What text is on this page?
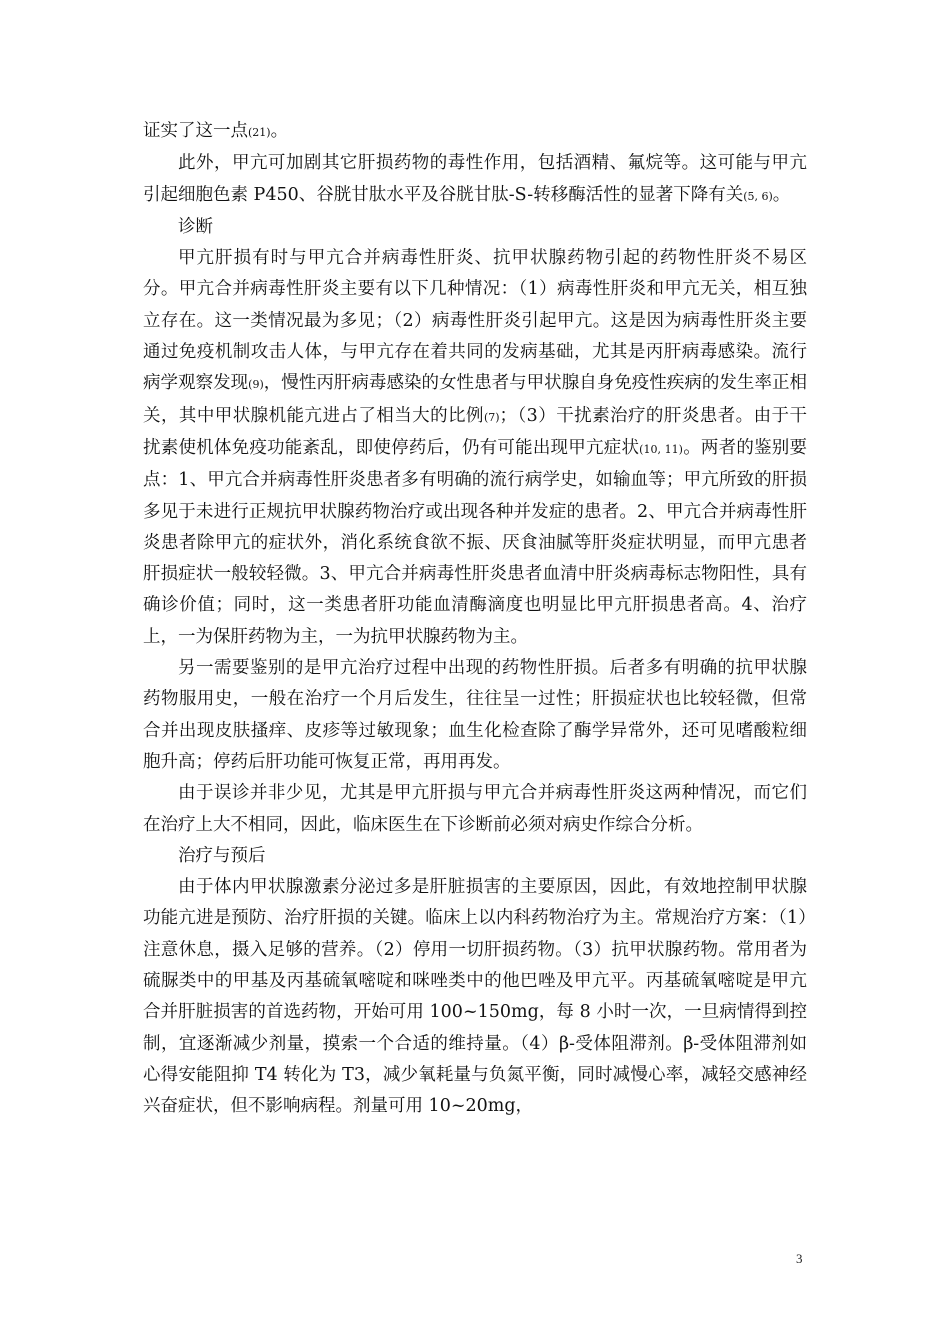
证实了这一点(21)。

此外，甲亢可加剧其它肝损药物的毒性作用，包括酒精、氟烷等。这可能与甲亢引起细胞色素 P450、谷胱甘肽水平及谷胱甘肽-S-转移酶活性的显著下降有关(5, 6)。

诊断

甲亢肝损有时与甲亢合并病毒性肝炎、抗甲状腺药物引起的药物性肝炎不易区分。甲亢合并病毒性肝炎主要有以下几种情况：（1）病毒性肝炎和甲亢无关，相互独立存在。这一类情况最为多见；（2）病毒性肝炎引起甲亢。这是因为病毒性肝炎主要通过免疫机制攻击人体，与甲亢存在着共同的发病基础，尤其是丙肝病毒感染。流行病学观察发现(9)，慢性丙肝病毒感染的女性患者与甲状腺自身免疫性疾病的发生率正相关，其中甲状腺机能亢进占了相当大的比例(7)；（3）干扰素治疗的肝炎患者。由于干扰素使机体免疫功能紊乱，即使停药后，仍有可能出现甲亢症状(10, 11)。两者的鉴别要点：1、甲亢合并病毒性肝炎患者多有明确的流行病学史，如输血等；甲亢所致的肝损多见于未进行正规抗甲状腺药物治疗或出现各种并发症的患者。2、甲亢合并病毒性肝炎患者除甲亢的症状外，消化系统食欲不振、厌食油腻等肝炎症状明显，而甲亢患者肝损症状一般较轻微。3、甲亢合并病毒性肝炎患者血清中肝炎病毒标志物阳性，具有确诊价值；同时，这一类患者肝功能血清酶滴度也明显比甲亢肝损患者高。4、治疗上，一为保肝药物为主，一为抗甲状腺药物为主。

另一需要鉴别的是甲亢治疗过程中出现的药物性肝损。后者多有明确的抗甲状腺药物服用史，一般在治疗一个月后发生，往往呈一过性；肝损症状也比较轻微，但常合并出现皮肤搔痒、皮疹等过敏现象；血生化检查除了酶学异常外，还可见嗜酸粒细胞升高；停药后肝功能可恢复正常，再用再发。

由于误诊并非少见，尤其是甲亢肝损与甲亢合并病毒性肝炎这两种情况，而它们在治疗上大不相同，因此，临床医生在下诊断前必须对病史作综合分析。

治疗与预后

由于体内甲状腺激素分泌过多是肝脏损害的主要原因，因此，有效地控制甲状腺功能亢进是预防、治疗肝损的关键。临床上以内科药物治疗为主。常规治疗方案：（1）注意休息，摄入足够的营养。（2）停用一切肝损药物。（3）抗甲状腺药物。常用者为硫脲类中的甲基及丙基硫氧嘧啶和咪唑类中的他巴唑及甲亢平。丙基硫氧嘧啶是甲亢合并肝脏损害的首选药物，开始可用 100~150mg，每 8 小时一次，一旦病情得到控制，宜逐渐减少剂量，摸索一个合适的维持量。（4）β-受体阻滞剂。β-受体阻滞剂如心得安能阻抑 T4 转化为 T3，减少氧耗量与负氮平衡，同时减慢心率，减轻交感神经兴奋症状，但不影响病程。剂量可用 10~20mg，

3
